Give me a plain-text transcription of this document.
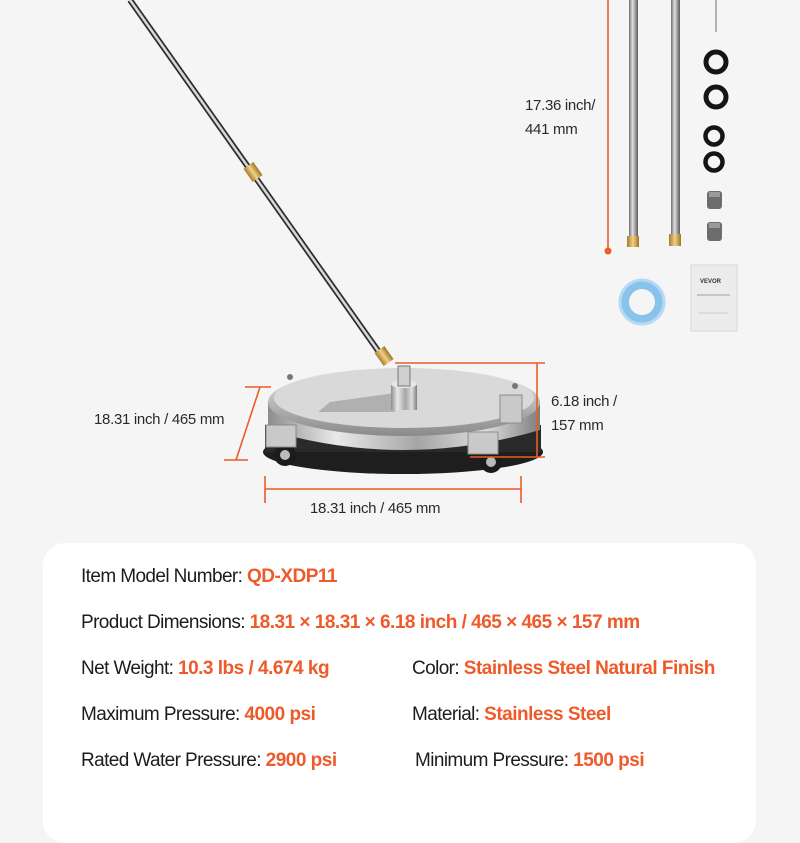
VEVOR
17.36 inch/
441 mm
18.31 inch / 465 mm
6.18 inch /
157 mm
18.31 inch / 465 mm
Item Model Number: QD-XDP11
Product Dimensions: 18.31 × 18.31 × 6.18 inch / 465 × 465 × 157 mm
Net Weight: 10.3 lbs / 4.674 kg	Color: Stainless Steel Natural Finish
Maximum Pressure: 4000 psi	Material: Stainless Steel
Rated Water Pressure: 2900 psi	Minimum Pressure: 1500 psi
